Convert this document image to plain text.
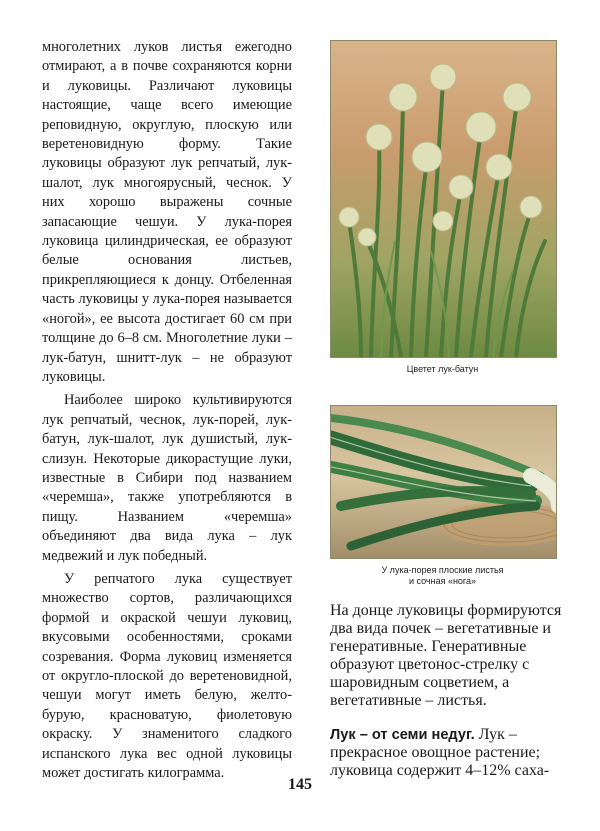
многолетних луков листья ежегодно отмирают, а в почве сохраняются корни и луковицы. Различают луковицы настоящие, чаще всего имеющие реповидную, округлую, плоскую или веретеновидную форму. Такие луковицы образуют лук репчатый, лук-шалот, лук многоярусный, чеснок. У них хорошо выражены сочные запасающие чешуи. У лука-порея луковица цилиндрическая, ее образуют белые основания листьев, прикрепляющиеся к донцу. Отбеленная часть луковицы у лука-порея называется «ногой», ее высота достигает 60 см при толщине до 6–8 см. Многолетние луки – лук-батун, шнитт-лук – не образуют луковицы.

Наиболее широко культивируются лук репчатый, чеснок, лук-порей, лук-батун, лук-шалот, лук душистый, лук-слизун. Некоторые дикорастущие луки, известные в Сибири под названием «черемша», также употребляются в пищу. Названием «черемша» объединяют два вида лука – лук медвежий и лук победный.

У репчатого лука существует множество сортов, различающихся формой и окраской чешуи луковиц, вкусовыми особенностями, сроками созревания. Форма луковиц изменяется от округло-плоской до веретеновидной, чешуи могут иметь белую, желто-бурую, красноватую, фиолетовую окраску. У знаменитого сладкого испанского лука вес одной луковицы может достигать килограмма.

Цветет лук-батун
У лука-порея плоские листья
и сочная «нога»

На донце луковицы формируются два вида почек – вегетативные и генеративные. Генеративные образуют цветонос-стрелку с шаровидным соцветием, а вегетативные – листья.

Лук – от семи недуг. Лук – прекрасное овощное растение; луковица содержит 4–12% саха-

145
